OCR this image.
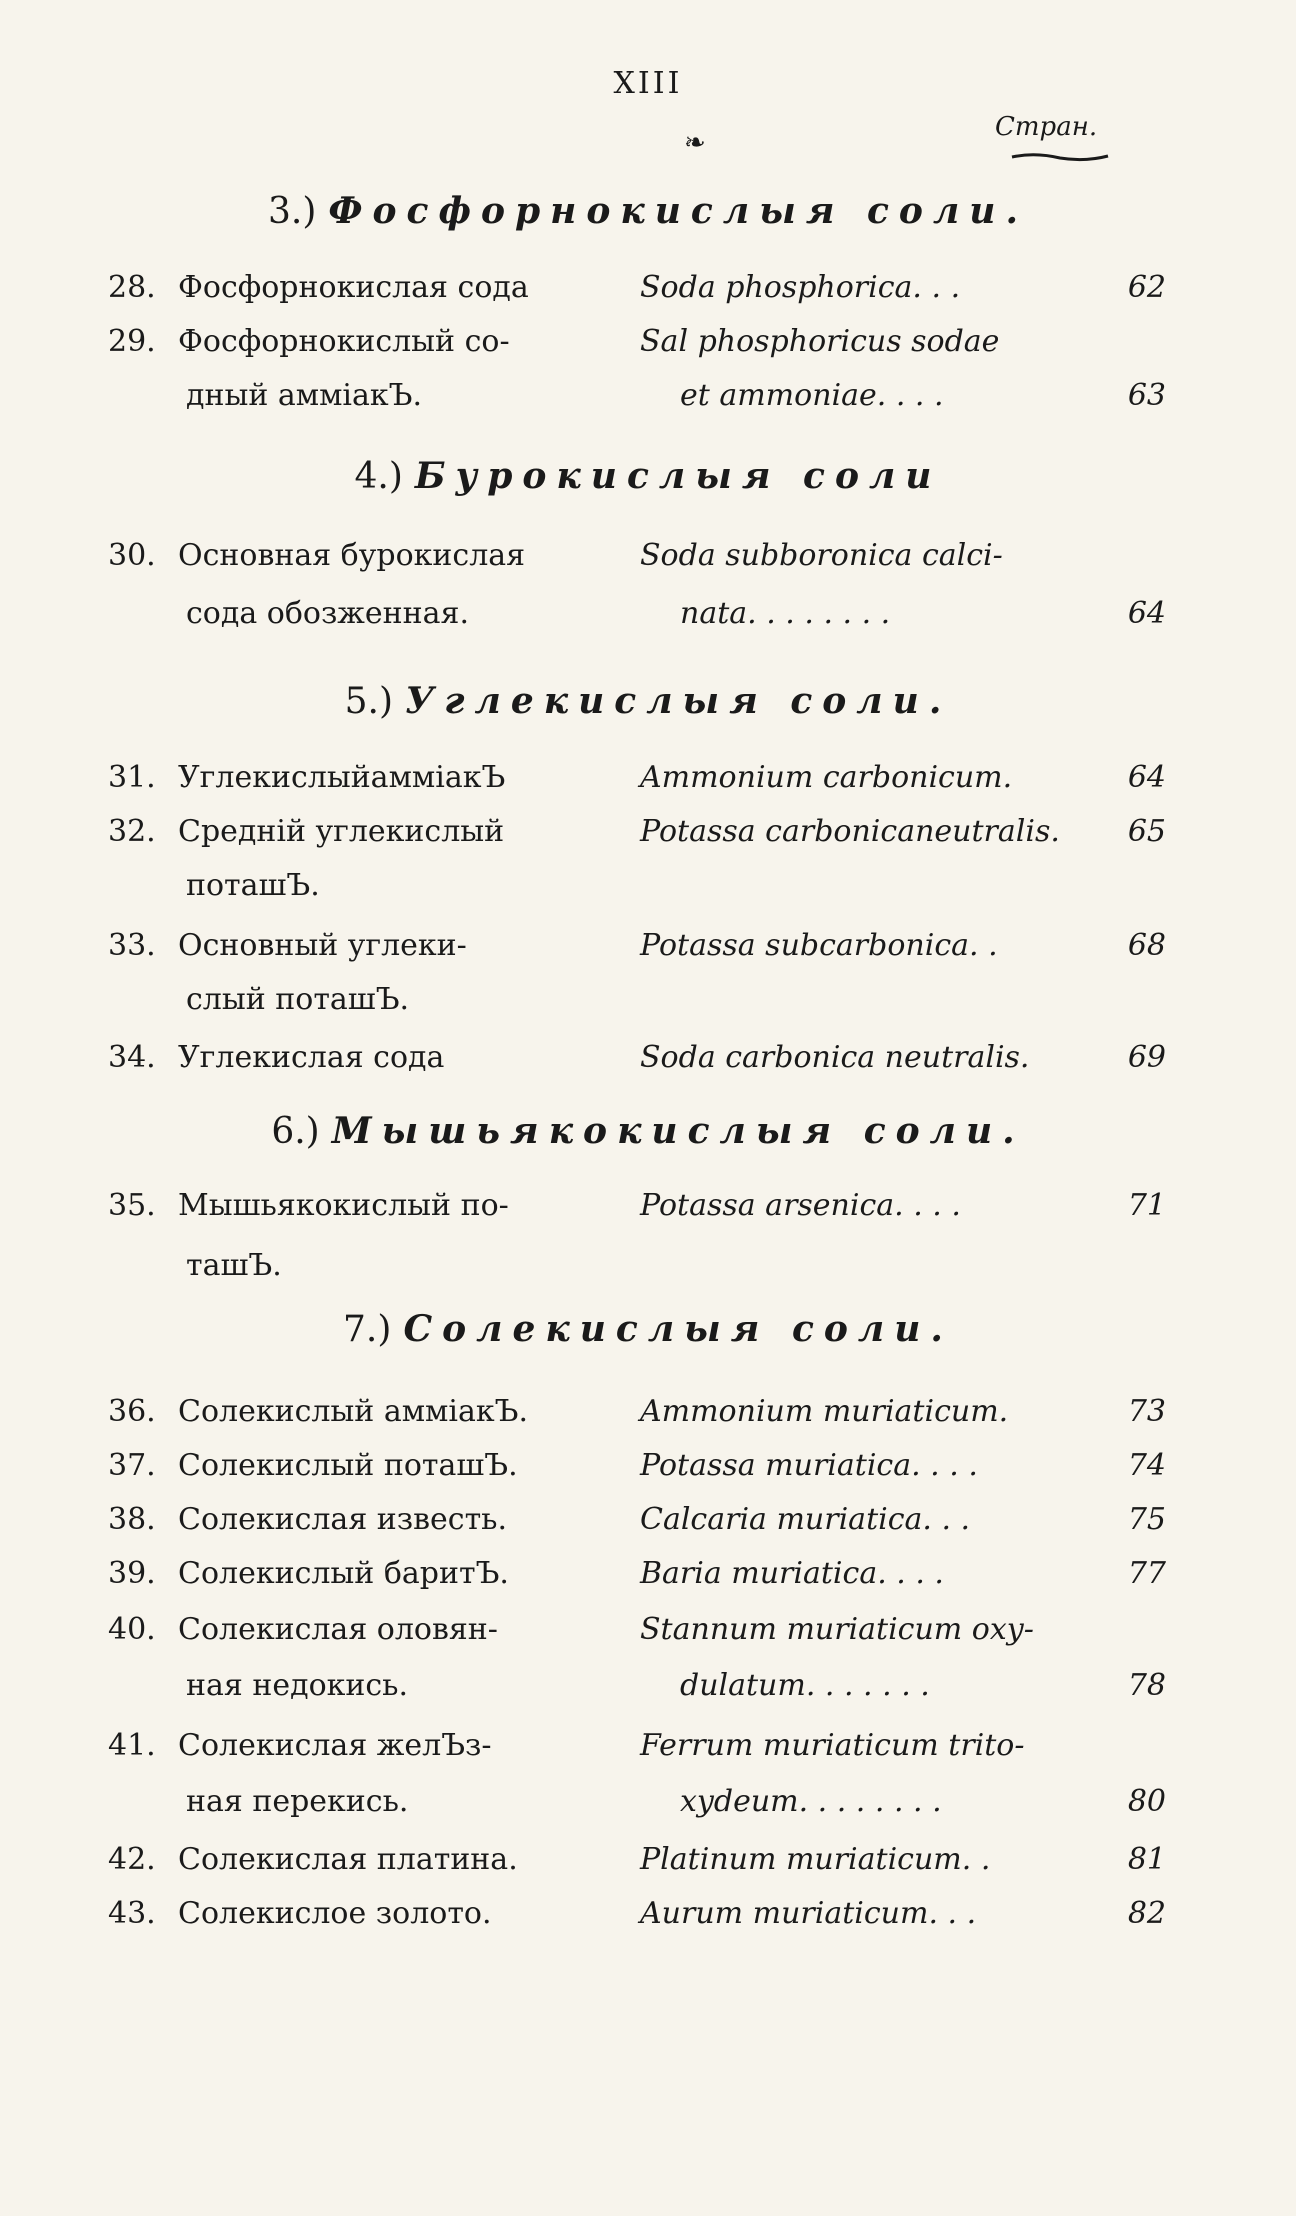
XIII
❧
Стран.
3.) Фосфорнокислыя соли.
28. Фосфорнокислая сода	Soda phosphorica. . .	62
29. Фосфорнокислый со-	Sal phosphoricus sodae
дный амміакЪ.	et ammoniae. . . .	63
4.) Бурокислыя соли
30. Основная бурокислая	Soda subboronica calci-
сода обозженная.	nata. . . . . . . .	64
5.) Углекислыя соли.
31. УглекислыйамміакЪ	Ammonium carbonicum.	64
32. Средній углекислый	Potassa carbonicaneutralis. 65
поташЪ.
33. Основный углеки-	Potassa subcarbonica. .	68
слый поташЪ.
34. Углекислая сода	Soda carbonica neutralis.	69
6.) Мышьякокислыя соли.
35. Мышьякокислый по-	Potassa arsenica. . . .	71
ташЪ.
7.) Солекислыя соли.
36. Солекислый амміакЪ.	Ammonium muriaticum.	73
37. Солекислый поташЪ.	Potassa muriatica. . . .	74
38. Солекислая известь.	Calcaria muriatica. . .	75
39. Солекислый баритЪ.	Baria muriatica. . . .	77
40. Солекислая оловян-	Stannum muriaticum oxy-
ная недокись.	dulatum. . . . . . .	78
41. Солекислая желЪз-	Ferrum muriaticum trito-
ная перекись.	xydeum. . . . . . . .	80
42. Солекислая платина.	Platinum muriaticum. .	81
43. Солекислое золото.	Aurum muriaticum. . .	82
